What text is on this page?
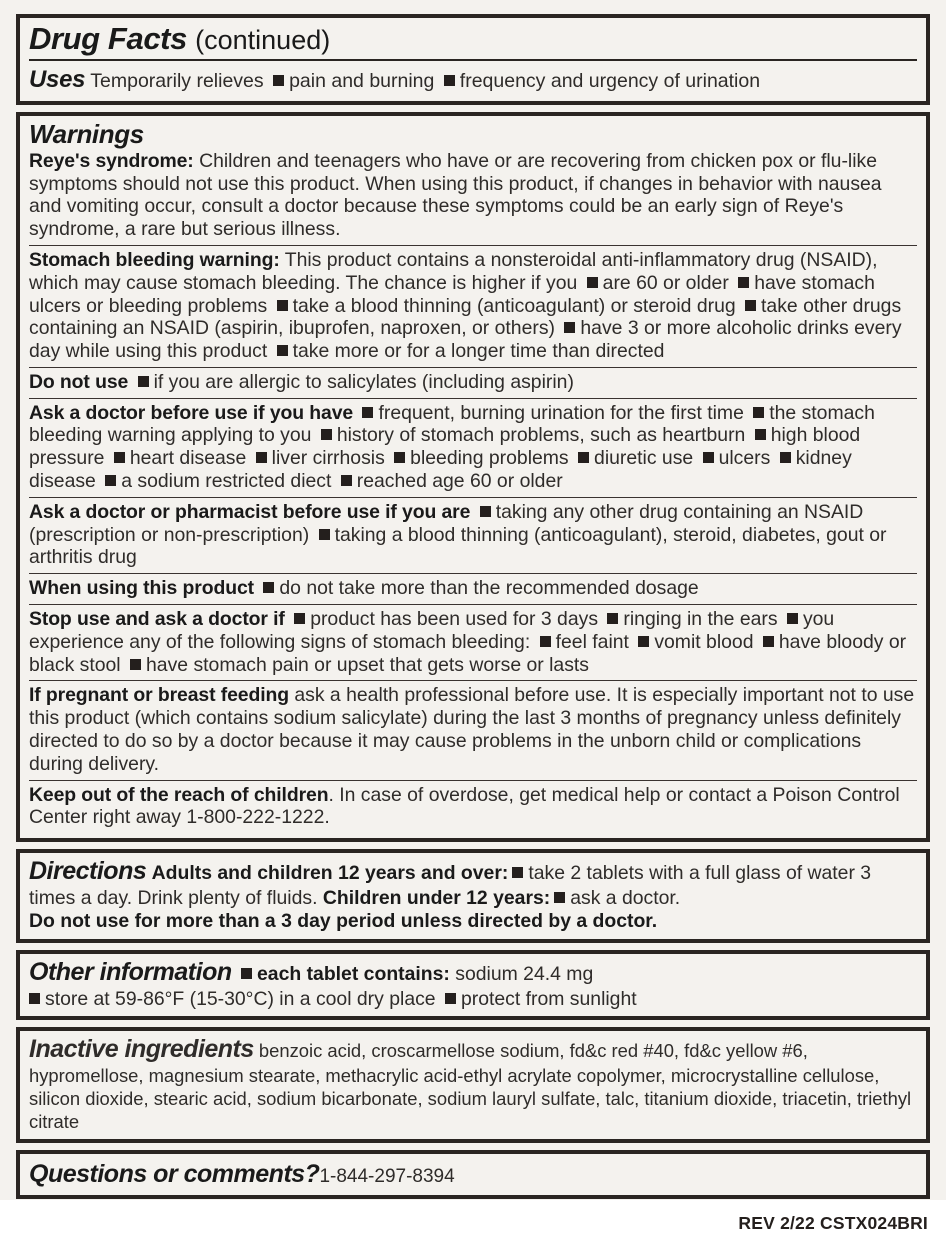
Drug Facts (continued)
Uses Temporarily relieves pain and burning frequency and urgency of urination
Warnings
Reye's syndrome: Children and teenagers who have or are recovering from chicken pox or flu-like symptoms should not use this product. When using this product, if changes in behavior with nausea and vomiting occur, consult a doctor because these symptoms could be an early sign of Reye's syndrome, a rare but serious illness.
Stomach bleeding warning: This product contains a nonsteroidal anti-inflammatory drug (NSAID), which may cause stomach bleeding. The chance is higher if you are 60 or older have stomach ulcers or bleeding problems take a blood thinning (anticoagulant) or steroid drug take other drugs containing an NSAID (aspirin, ibuprofen, naproxen, or others) have 3 or more alcoholic drinks every day while using this product take more or for a longer time than directed
Do not use if you are allergic to salicylates (including aspirin)
Ask a doctor before use if you have frequent, burning urination for the first time the stomach bleeding warning applying to you history of stomach problems, such as heartburn high blood pressure heart disease liver cirrhosis bleeding problems diuretic use ulcers kidney disease a sodium restricted diect reached age 60 or older
Ask a doctor or pharmacist before use if you are taking any other drug containing an NSAID (prescription or non-prescription) taking a blood thinning (anticoagulant), steroid, diabetes, gout or arthritis drug
When using this product do not take more than the recommended dosage
Stop use and ask a doctor if product has been used for 3 days ringing in the ears you experience any of the following signs of stomach bleeding: feel faint vomit blood have bloody or black stool have stomach pain or upset that gets worse or lasts
If pregnant or breast feeding ask a health professional before use. It is especially important not to use this product (which contains sodium salicylate) during the last 3 months of pregnancy unless definitely directed to do so by a doctor because it may cause problems in the unborn child or complications during delivery.
Keep out of the reach of children. In case of overdose, get medical help or contact a Poison Control Center right away 1-800-222-1222.
Directions Adults and children 12 years and over: take 2 tablets with a full glass of water 3 times a day. Drink plenty of fluids. Children under 12 years: ask a doctor.
Do not use for more than a 3 day period unless directed by a doctor.
Other information each tablet contains: sodium 24.4 mg
store at 59-86°F (15-30°C) in a cool dry place protect from sunlight
Inactive ingredients benzoic acid, croscarmellose sodium, fd&c red #40, fd&c yellow #6, hypromellose, magnesium stearate, methacrylic acid-ethyl acrylate copolymer, microcrystalline cellulose, silicon dioxide, stearic acid, sodium bicarbonate, sodium lauryl sulfate, talc, titanium dioxide, triacetin, triethyl citrate
Questions or comments?1-844-297-8394
REV 2/22 CSTX024BRI
